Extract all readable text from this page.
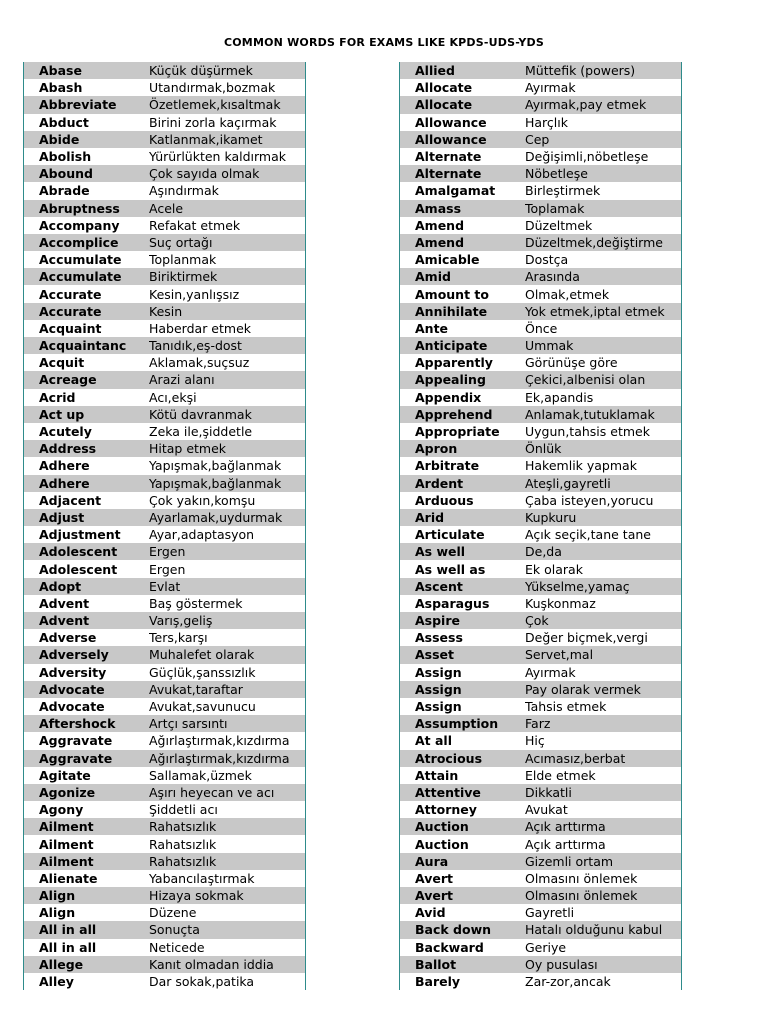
COMMON WORDS FOR EXAMS LIKE KPDS-UDS-YDS
Abase	Küçük düşürmek
Abash	Utandırmak,bozmak
Abbreviate	Özetlemek,kısaltmak
Abduct	Birini zorla kaçırmak
Abide	Katlanmak,ikamet
Abolish	Yürürlükten kaldırmak
Abound	Çok sayıda olmak
Abrade	Aşındırmak
Abruptness	Acele
Accompany	Refakat etmek
Accomplice	Suç ortağı
Accumulate	Toplanmak
Accumulate	Biriktirmek
Accurate	Kesin,yanlışsız
Accurate	Kesin
Acquaint	Haberdar etmek
Acquaintanc	Tanıdık,eş-dost
Acquit	Aklamak,suçsuz
Acreage	Arazi alanı
Acrid	Acı,ekşi
Act up	Kötü davranmak
Acutely	Zeka ile,şiddetle
Address	Hitap etmek
Adhere	Yapışmak,bağlanmak
Adhere	Yapışmak,bağlanmak
Adjacent	Çok yakın,komşu
Adjust	Ayarlamak,uydurmak
Adjustment	Ayar,adaptasyon
Adolescent	Ergen
Adolescent	Ergen
Adopt	Evlat
Advent	Baş göstermek
Advent	Varış,geliş
Adverse	Ters,karşı
Adversely	Muhalefet olarak
Adversity	Güçlük,şanssızlık
Advocate	Avukat,taraftar
Advocate	Avukat,savunucu
Aftershock	Artçı sarsıntı
Aggravate	Ağırlaştırmak,kızdırma
Aggravate	Ağırlaştırmak,kızdırma
Agitate	Sallamak,üzmek
Agonize	Aşırı heyecan ve acı
Agony	Şiddetli acı
Ailment	Rahatsızlık
Ailment	Rahatsızlık
Ailment	Rahatsızlık
Alienate	Yabancılaştırmak
Align	Hizaya sokmak
Align	Düzene
All in all	Sonuçta
All in all	Neticede
Allege	Kanıt olmadan iddia
Alley	Dar sokak,patika
Allied	Müttefik (powers)
Allocate	Ayırmak
Allocate	Ayırmak,pay etmek
Allowance	Harçlık
Allowance	Cep
Alternate	Değişimli,nöbetleşe
Alternate	Nöbetleşe
Amalgamat	Birleştirmek
Amass	Toplamak
Amend	Düzeltmek
Amend	Düzeltmek,değiştirme
Amicable	Dostça
Amid	Arasında
Amount to	Olmak,etmek
Annihilate	Yok etmek,iptal etmek
Ante	Önce
Anticipate	Ummak
Apparently	Görünüşe göre
Appealing	Çekici,albenisi olan
Appendix	Ek,apandis
Apprehend	Anlamak,tutuklamak
Appropriate	Uygun,tahsis etmek
Apron	Önlük
Arbitrate	Hakemlik yapmak
Ardent	Ateşli,gayretli
Arduous	Çaba isteyen,yorucu
Arid	Kupkuru
Articulate	Açık seçik,tane tane
As well	De,da
As well as	Ek olarak
Ascent	Yükselme,yamaç
Asparagus	Kuşkonmaz
Aspire	Çok
Assess	Değer biçmek,vergi
Asset	Servet,mal
Assign	Ayırmak
Assign	Pay olarak vermek
Assign	Tahsis etmek
Assumption	Farz
At all	Hiç
Atrocious	Acımasız,berbat
Attain	Elde etmek
Attentive	Dikkatli
Attorney	Avukat
Auction	Açık arttırma
Auction	Açık arttırma
Aura	Gizemli ortam
Avert	Olmasını önlemek
Avert	Olmasını önlemek
Avid	Gayretli
Back down	Hatalı olduğunu kabul
Backward	Geriye
Ballot	Oy pusulası
Barely	Zar-zor,ancak
